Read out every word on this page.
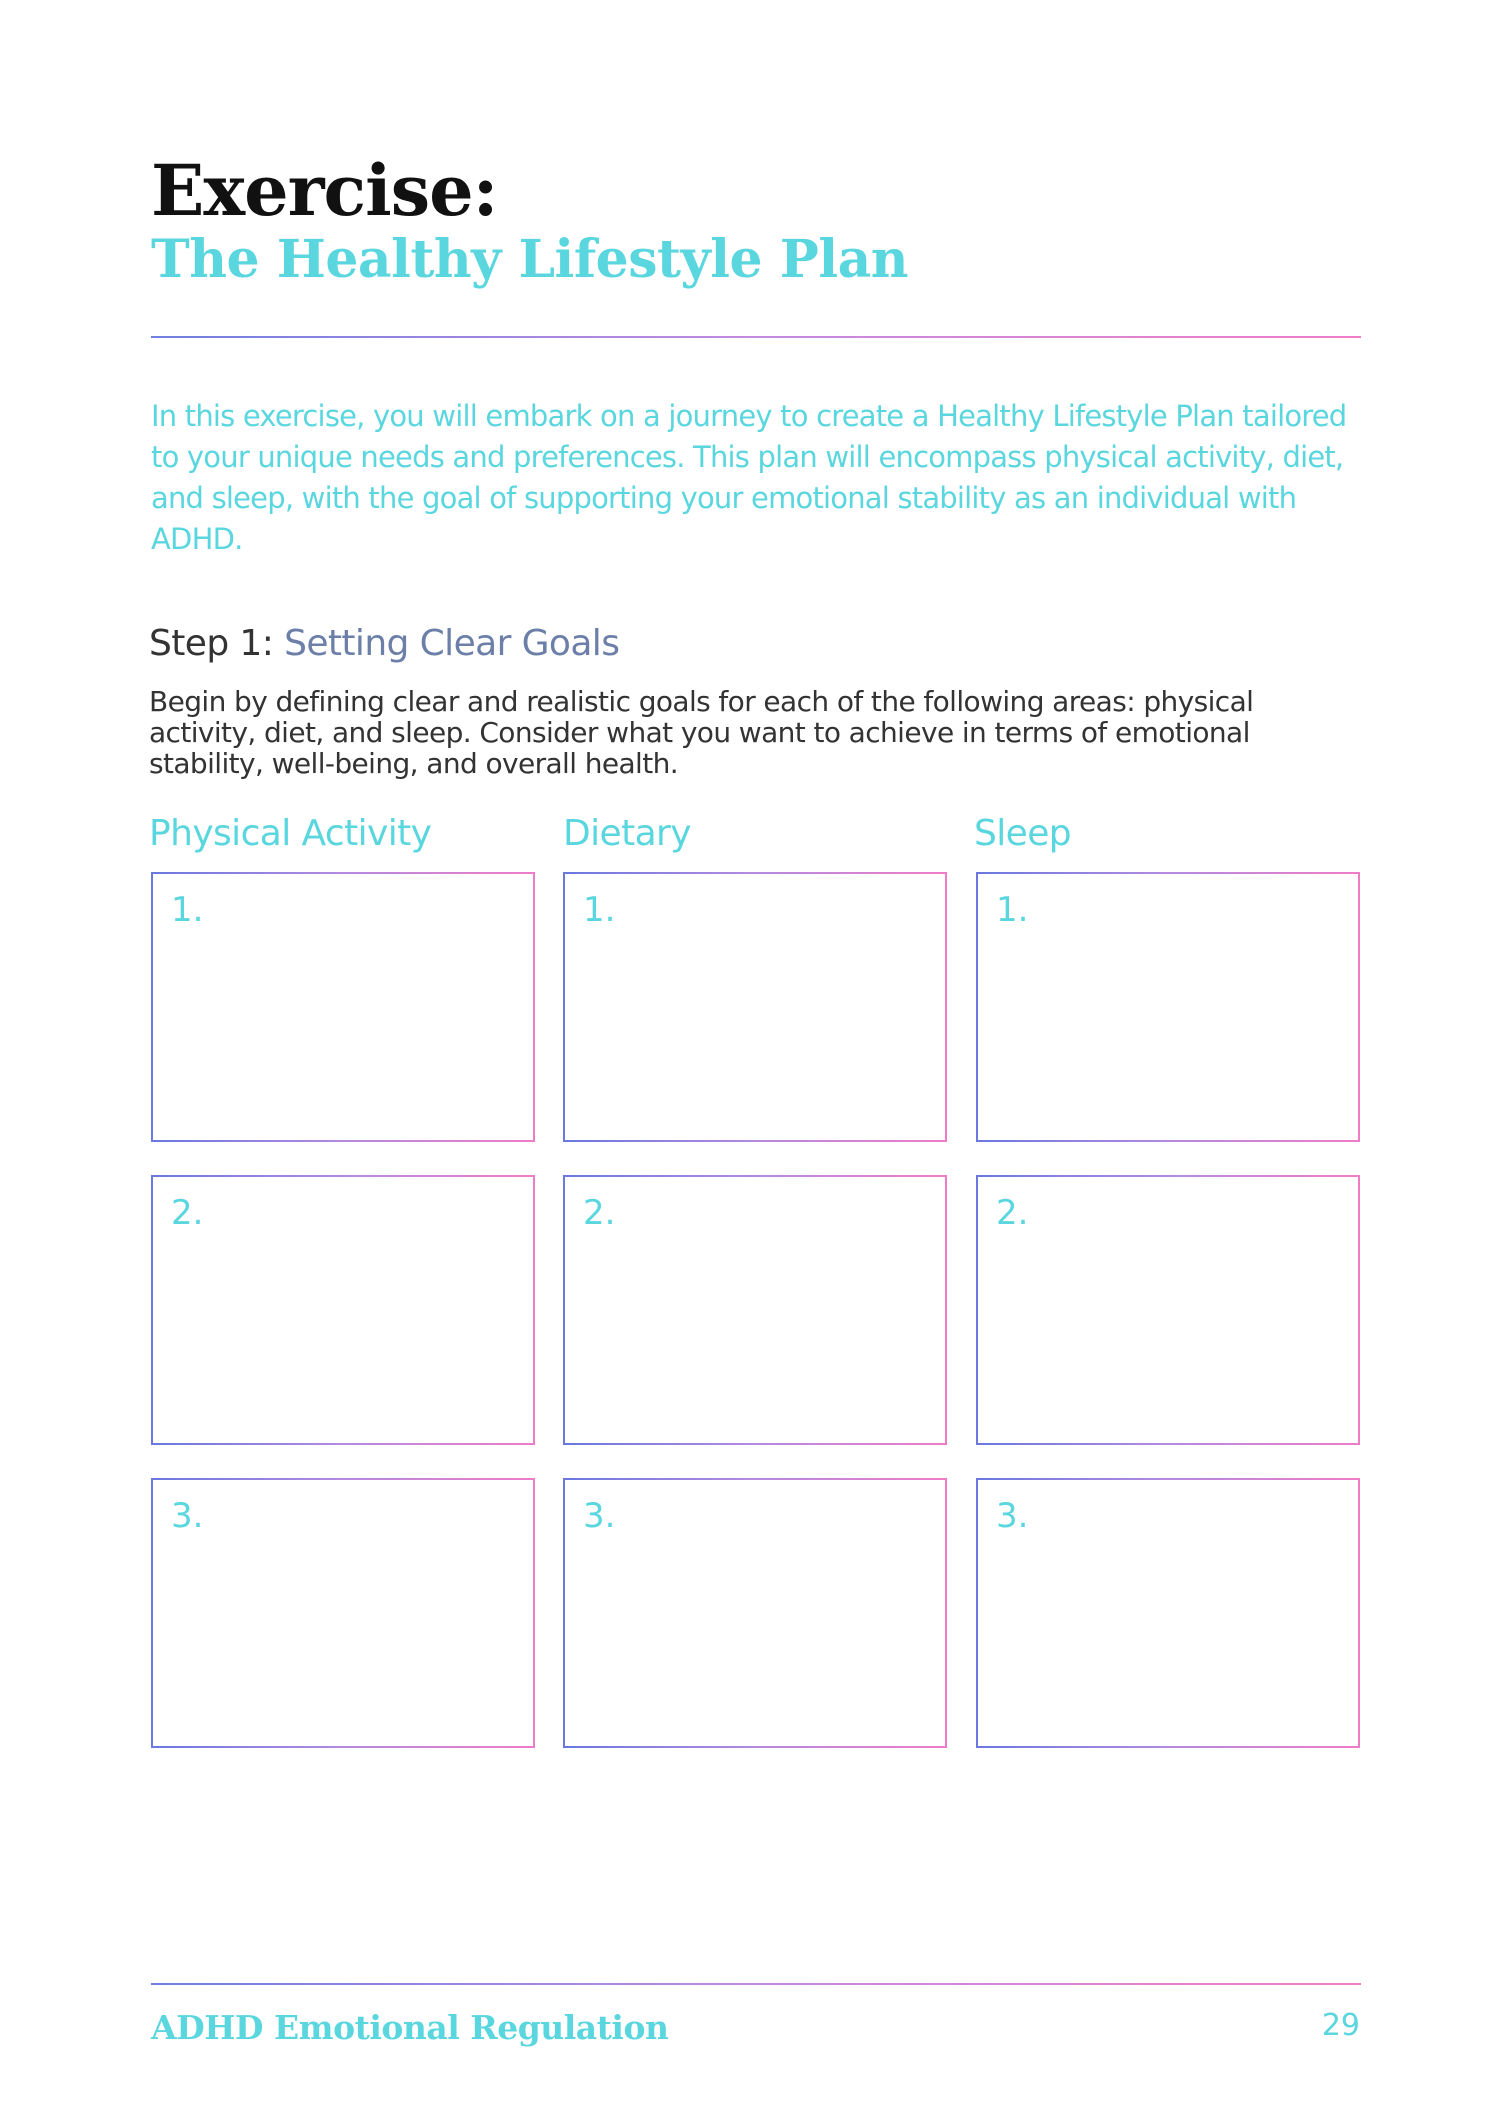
Exercise:
The Healthy Lifestyle Plan
In this exercise, you will embark on a journey to create a Healthy Lifestyle Plan tailored to your unique needs and preferences. This plan will encompass physical activity, diet, and sleep, with the goal of supporting your emotional stability as an individual with ADHD.
Step 1: Setting Clear Goals
Begin by defining clear and realistic goals for each of the following areas: physical activity, diet, and sleep. Consider what you want to achieve in terms of emotional stability, well-being, and overall health.
Physical Activity	Dietary	Sleep
1.	1.	1.
2.	2.	2.
3.	3.	3.
ADHD Emotional Regulation	29
